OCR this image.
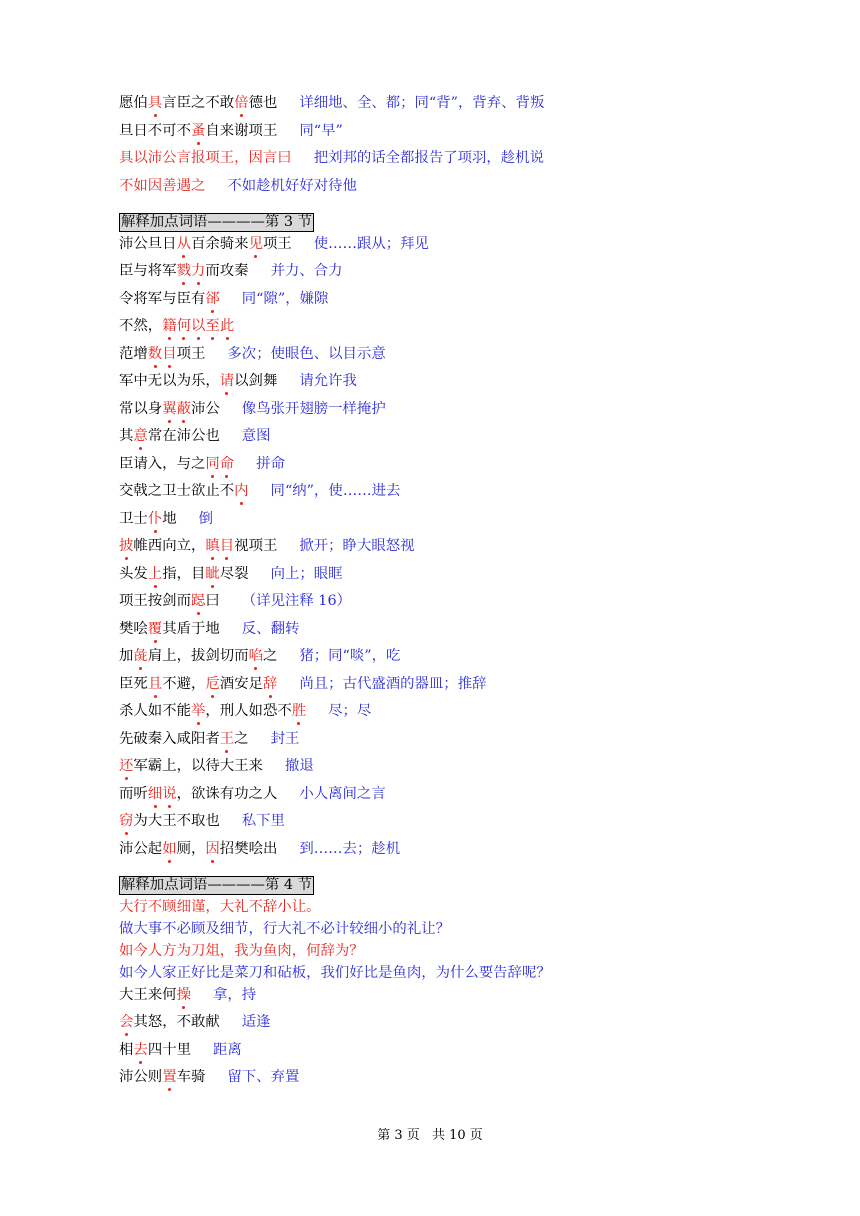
愿伯具言臣之不敢倍德也 详细地、全、都；同“背”，背弃、背叛
旦日不可不蚤自来谢项王 同“早”
具以沛公言报项王，因言曰 把刘邦的话全都报告了项羽，趁机说
不如因善遇之 不如趁机好好对待他
解释加点词语————第 3 节
沛公旦日从百余骑来见项王 使……跟从；拜见
臣与将军戮力而攻秦 并力、合力
令将军与臣有郤 同“隙”，嫌隙
不然，籍何以至此
范增数目项王 多次；使眼色、以目示意
军中无以为乐，请以剑舞 请允许我
常以身翼蔽沛公 像鸟张开翅膀一样掩护
其意常在沛公也 意图
臣请入，与之同命 拼命
交戟之卫士欲止不内 同“纳”，使……进去
卫士仆地 倒
披帷西向立，瞋目视项王 掀开；睁大眼怒视
头发上指，目眦尽裂 向上；眼眶
项王按剑而跽曰 （详见注释 16）
樊哙覆其盾于地 反、翻转
加彘肩上，拔剑切而啗之 猪；同“啖”，吃
臣死且不避，卮酒安足辞 尚且；古代盛酒的器皿；推辞
杀人如不能举，刑人如恐不胜 尽；尽
先破秦入咸阳者王之 封王
还军霸上，以待大王来 撤退
而听细说，欲诛有功之人 小人离间之言
窃为大王不取也 私下里
沛公起如厕，因招樊哙出 到……去；趁机
解释加点词语————第 4 节
大行不顾细谨，大礼不辞小让。
做大事不必顾及细节，行大礼不必计较细小的礼让？
如今人方为刀俎，我为鱼肉，何辞为？
如今人家正好比是菜刀和砧板，我们好比是鱼肉，为什么要告辞呢？
大王来何操 拿，持
会其怒，不敢献 适逢
相去四十里 距离
沛公则置车骑 留下、弃置
第 3 页 共 10 页
